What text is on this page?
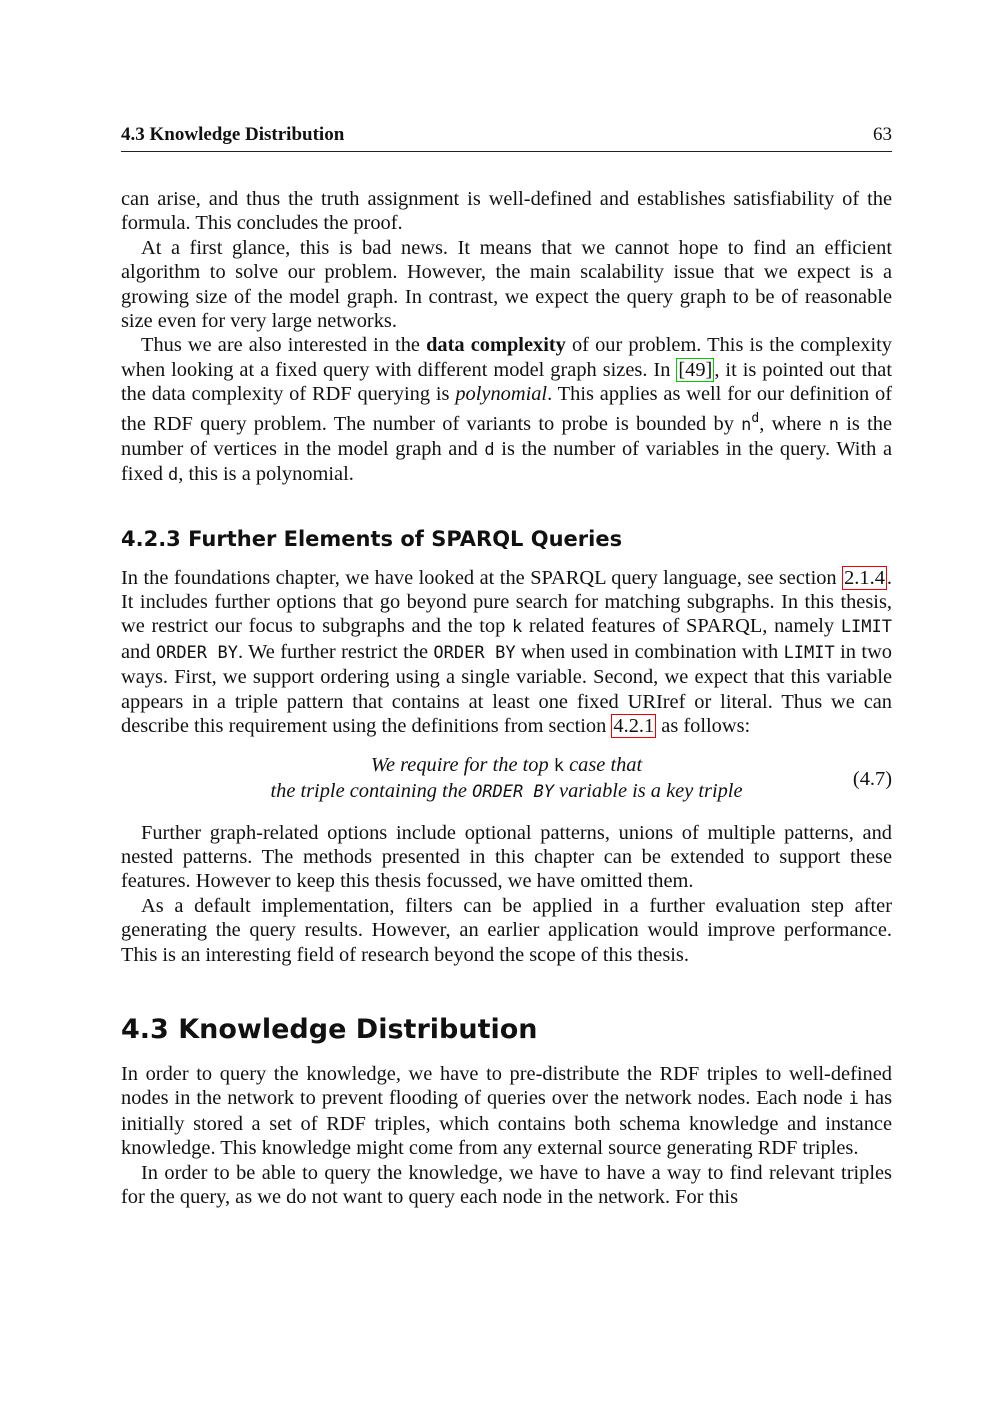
4.3 Knowledge Distribution	63

can arise, and thus the truth assignment is well-defined and establishes satisfiability of the formula. This concludes the proof.

At a first glance, this is bad news. It means that we cannot hope to find an efficient algorithm to solve our problem. However, the main scalability issue that we expect is a growing size of the model graph. In contrast, we expect the query graph to be of reasonable size even for very large networks.

Thus we are also interested in the data complexity of our problem. This is the complexity when looking at a fixed query with different model graph sizes. In [49], it is pointed out that the data complexity of RDF querying is polynomial. This applies as well for our definition of the RDF query problem. The number of variants to probe is bounded by $n^d$, where n is the number of vertices in the model graph and d is the number of variables in the query. With a fixed d, this is a polynomial.

4.2.3 Further Elements of SPARQL Queries

In the foundations chapter, we have looked at the SPARQL query language, see section 2.1.4. It includes further options that go beyond pure search for matching subgraphs. In this thesis, we restrict our focus to subgraphs and the top k related features of SPARQL, namely LIMIT and ORDER BY. We further restrict the ORDER BY when used in combination with LIMIT in two ways. First, we support ordering using a single variable. Second, we expect that this variable appears in a triple pattern that contains at least one fixed URIref or literal. Thus we can describe this requirement using the definitions from section 4.2.1 as follows:

We require for the top k case that
the triple containing the ORDER BY variable is a key triple
(4.7)

Further graph-related options include optional patterns, unions of multiple patterns, and nested patterns. The methods presented in this chapter can be extended to support these features. However to keep this thesis focussed, we have omitted them.

As a default implementation, filters can be applied in a further evaluation step after generating the query results. However, an earlier application would improve performance. This is an interesting field of research beyond the scope of this thesis.

4.3 Knowledge Distribution

In order to query the knowledge, we have to pre-distribute the RDF triples to well-defined nodes in the network to prevent flooding of queries over the network nodes. Each node i has initially stored a set of RDF triples, which contains both schema knowledge and instance knowledge. This knowledge might come from any external source generating RDF triples.

In order to be able to query the knowledge, we have to have a way to find relevant triples for the query, as we do not want to query each node in the network. For this
